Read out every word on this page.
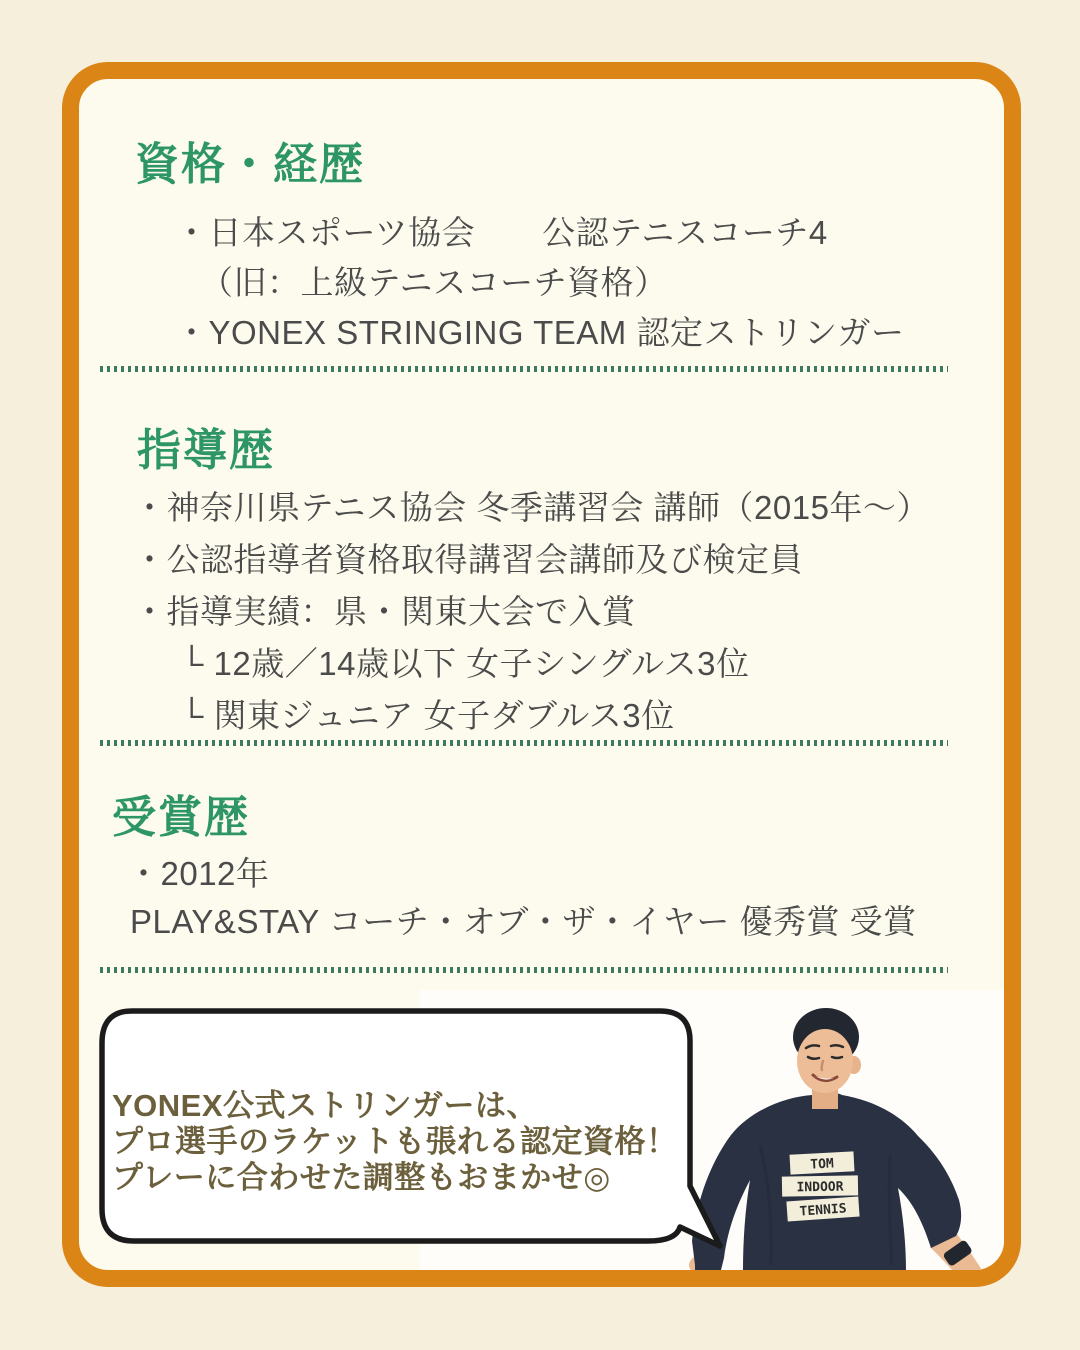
資格・経歴
・日本スポーツ協会　　公認テニスコーチ4
（旧：上級テニスコーチ資格）
・YONEX STRINGING TEAM 認定ストリンガー
指導歴
・神奈川県テニス協会 冬季講習会 講師（2015年～）
・公認指導者資格取得講習会講師及び検定員
・指導実績：県・関東大会で入賞
└ 12歳／14歳以下 女子シングルス3位
└ 関東ジュニア 女子ダブルス3位
受賞歴
・2012年
PLAY&STAY コーチ・オブ・ザ・イヤー 優秀賞 受賞
TOM
INDOOR
TENNIS
YONEX公式ストリンガーは、
プロ選手のラケットも張れる認定資格！
プレーに合わせた調整もおまかせ◎
